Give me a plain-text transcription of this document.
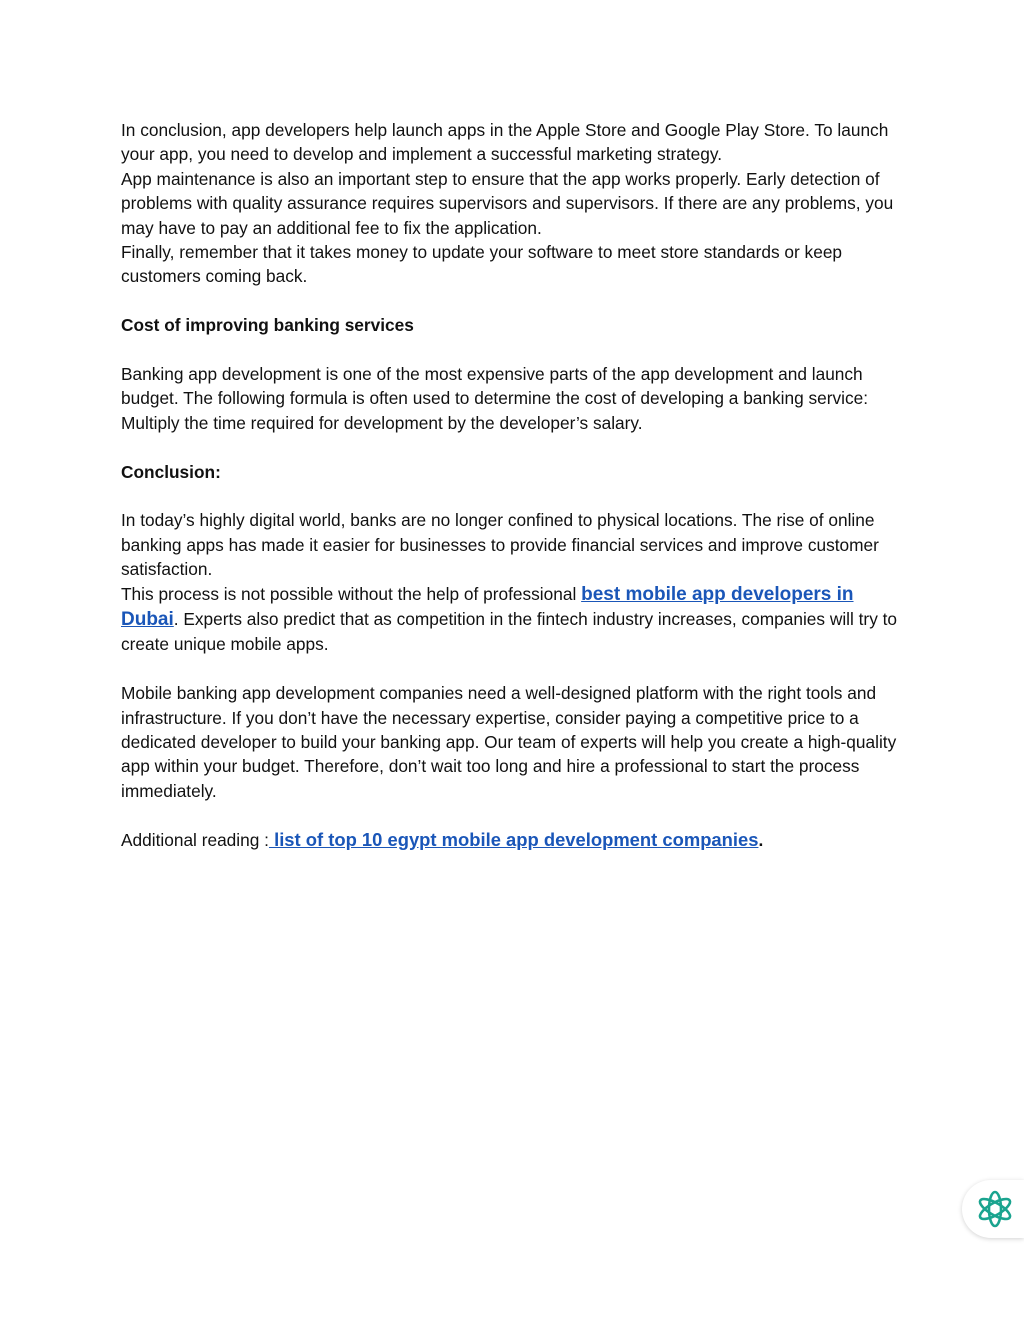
In conclusion, app developers help launch apps in the Apple Store and Google Play Store. To launch your app, you need to develop and implement a successful marketing strategy.

App maintenance is also an important step to ensure that the app works properly. Early detection of problems with quality assurance requires supervisors and supervisors. If there are any problems, you may have to pay an additional fee to fix the application.

Finally, remember that it takes money to update your software to meet store standards or keep customers coming back.

Cost of improving banking services

Banking app development is one of the most expensive parts of the app development and launch budget. The following formula is often used to determine the cost of developing a banking service: Multiply the time required for development by the developer’s salary.

Conclusion:

In today’s highly digital world, banks are no longer confined to physical locations. The rise of online banking apps has made it easier for businesses to provide financial services and improve customer satisfaction.

This process is not possible without the help of professional best mobile app developers in Dubai. Experts also predict that as competition in the fintech industry increases, companies will try to create unique mobile apps.

Mobile banking app development companies need a well-designed platform with the right tools and infrastructure. If you don’t have the necessary expertise, consider paying a competitive price to a dedicated developer to build your banking app. Our team of experts will help you create a high-quality app within your budget. Therefore, don’t wait too long and hire a professional to start the process immediately.

Additional reading : list of top 10 egypt mobile app development companies.
